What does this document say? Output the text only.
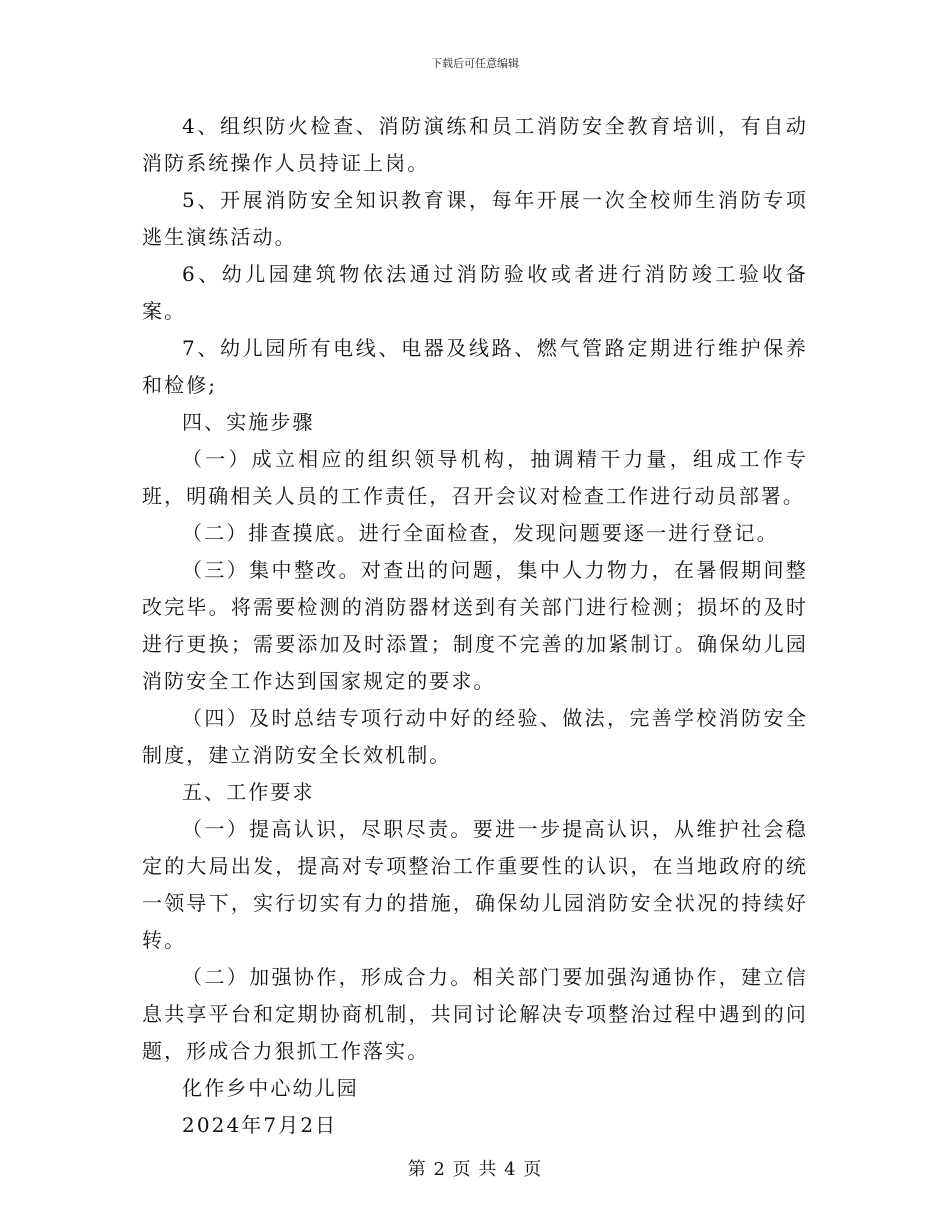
下载后可任意编辑

4、组织防火检查、消防演练和员工消防安全教育培训，有自动消防系统操作人员持证上岗。

5、开展消防安全知识教育课，每年开展一次全校师生消防专项逃生演练活动。

6、幼儿园建筑物依法通过消防验收或者进行消防竣工验收备案。

7、幼儿园所有电线、电器及线路、燃气管路定期进行维护保养和检修;

四、实施步骤

（一）成立相应的组织领导机构，抽调精干力量，组成工作专班，明确相关人员的工作责任，召开会议对检查工作进行动员部署。

（二）排查摸底。进行全面检查，发现问题要逐一进行登记。

（三）集中整改。对查出的问题，集中人力物力，在暑假期间整改完毕。将需要检测的消防器材送到有关部门进行检测；损坏的及时进行更换；需要添加及时添置；制度不完善的加紧制订。确保幼儿园消防安全工作达到国家规定的要求。

（四）及时总结专项行动中好的经验、做法，完善学校消防安全制度，建立消防安全长效机制。

五、工作要求

（一）提高认识，尽职尽责。要进一步提高认识，从维护社会稳定的大局出发，提高对专项整治工作重要性的认识，在当地政府的统一领导下，实行切实有力的措施，确保幼儿园消防安全状况的持续好转。

（二）加强协作，形成合力。相关部门要加强沟通协作，建立信息共享平台和定期协商机制，共同讨论解决专项整治过程中遇到的问题，形成合力狠抓工作落实。

化作乡中心幼儿园

2024年7月2日

第 2 页 共 4 页
